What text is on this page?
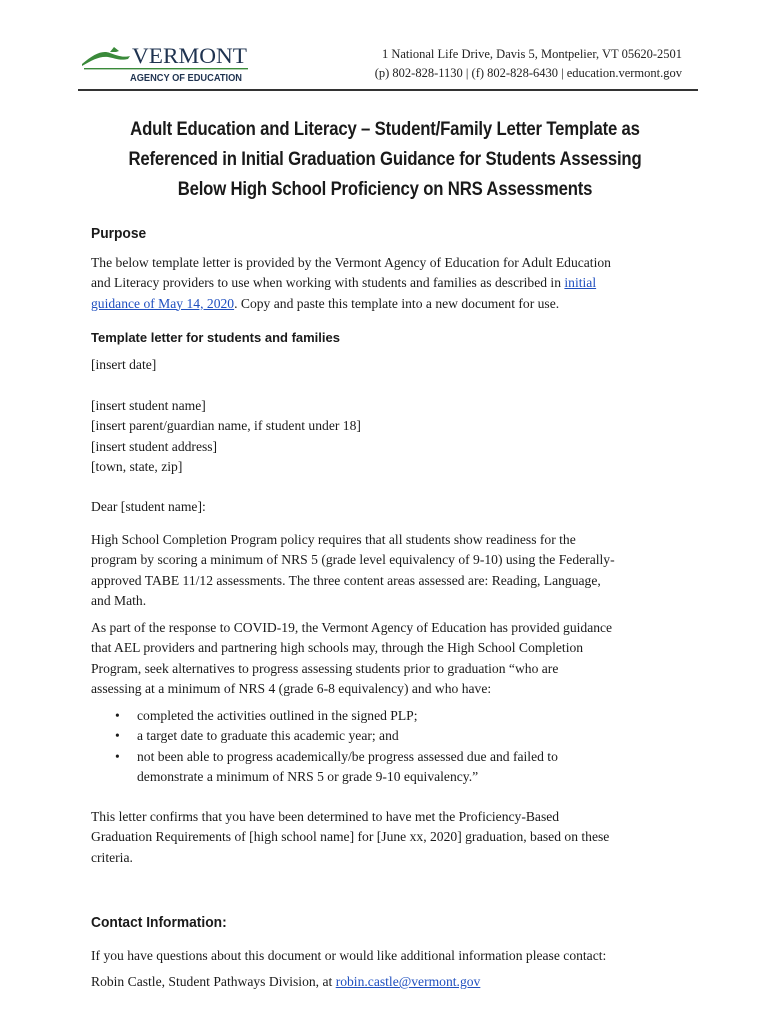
VERMONT
AGENCY OF EDUCATION
1 National Life Drive, Davis 5, Montpelier, VT 05620-2501
(p) 802-828-1130 | (f) 802-828-6430 | education.vermont.gov
Adult Education and Literacy – Student/Family Letter Template as
Referenced in Initial Graduation Guidance for Students Assessing
Below High School Proficiency on NRS Assessments
Purpose
The below template letter is provided by the Vermont Agency of Education for Adult Education
and Literacy providers to use when working with students and families as described in initial
guidance of May 14, 2020. Copy and paste this template into a new document for use.
Template letter for students and families
[insert date]
[insert student name]
[insert parent/guardian name, if student under 18]
[insert student address]
[town, state, zip]
Dear [student name]:
High School Completion Program policy requires that all students show readiness for the
program by scoring a minimum of NRS 5 (grade level equivalency of 9-10) using the Federally-
approved TABE 11/12 assessments. The three content areas assessed are: Reading, Language,
and Math.
As part of the response to COVID-19, the Vermont Agency of Education has provided guidance
that AEL providers and partnering high schools may, through the High School Completion
Program, seek alternatives to progress assessing students prior to graduation “who are
assessing at a minimum of NRS 4 (grade 6-8 equivalency) and who have:
• completed the activities outlined in the signed PLP;
• a target date to graduate this academic year; and
• not been able to progress academically/be progress assessed due and failed to
demonstrate a minimum of NRS 5 or grade 9-10 equivalency.”
This letter confirms that you have been determined to have met the Proficiency-Based
Graduation Requirements of [high school name] for [June xx, 2020] graduation, based on these
criteria.
Contact Information:
If you have questions about this document or would like additional information please contact:
Robin Castle, Student Pathways Division, at robin.castle@vermont.gov
